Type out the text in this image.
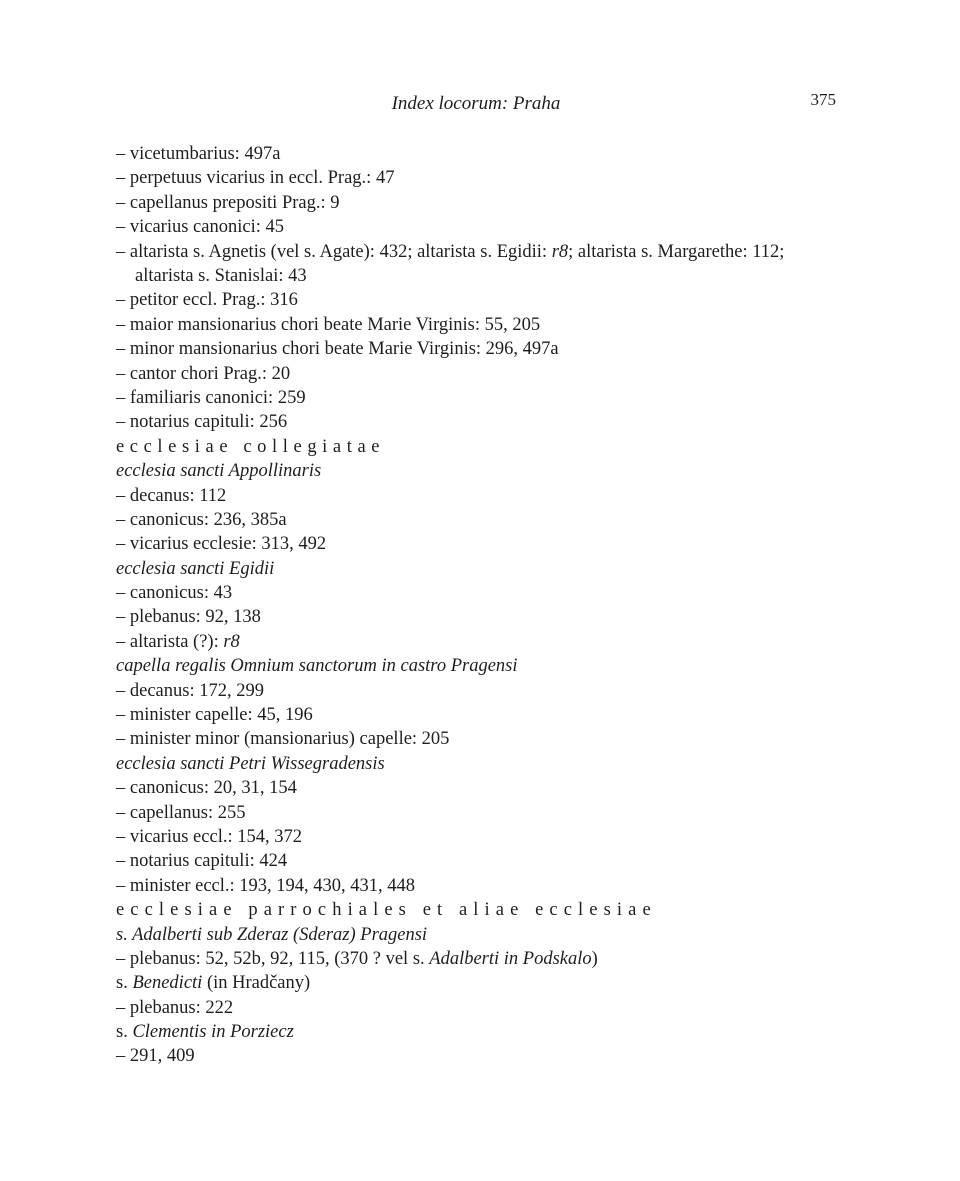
Index locorum: Praha	375
– vicetumbarius: 497a
– perpetuus vicarius in eccl. Prag.: 47
– capellanus prepositi Prag.: 9
– vicarius canonici: 45
– altarista s. Agnetis (vel s. Agate): 432; altarista s. Egidii: r8; altarista s. Margarethe: 112; altarista s. Stanislai: 43
– petitor eccl. Prag.: 316
– maior mansionarius chori beate Marie Virginis: 55, 205
– minor mansionarius chori beate Marie Virginis: 296, 497a
– cantor chori Prag.: 20
– familiaris canonici: 259
– notarius capituli: 256
ecclesiae collegiatae
ecclesia sancti Appollinaris
– decanus: 112
– canonicus: 236, 385a
– vicarius ecclesie: 313, 492
ecclesia sancti Egidii
– canonicus: 43
– plebanus: 92, 138
– altarista (?): r8
capella regalis Omnium sanctorum in castro Pragensi
– decanus: 172, 299
– minister capelle: 45, 196
– minister minor (mansionarius) capelle: 205
ecclesia sancti Petri Wissegradensis
– canonicus: 20, 31, 154
– capellanus: 255
– vicarius eccl.: 154, 372
– notarius capituli: 424
– minister eccl.: 193, 194, 430, 431, 448
ecclesiae parrochiales et aliae ecclesiae
s. Adalberti sub Zderaz (Sderaz) Pragensi
– plebanus: 52, 52b, 92, 115, (370 ? vel s. Adalberti in Podskalo)
s. Benedicti (in Hradčany)
– plebanus: 222
s. Clementis in Porziecz
– 291, 409
